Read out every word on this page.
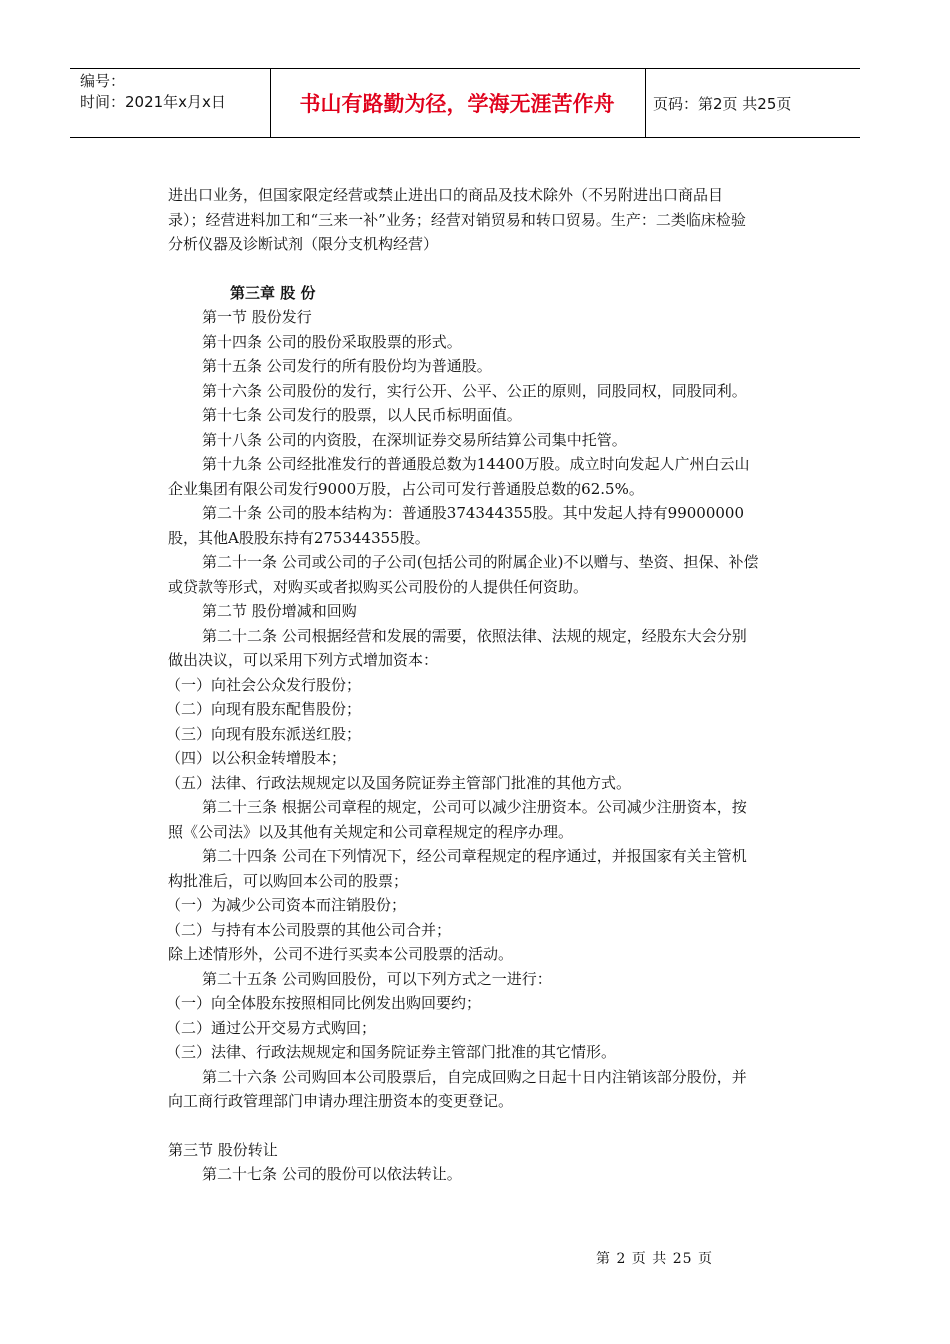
编号：
时间：2021年x月x日	书山有路勤为径，学海无涯苦作舟	页码：第2页 共25页

进出口业务，但国家限定经营或禁止进出口的商品及技术除外（不另附进出口商品目录）；经营进料加工和“三来一补”业务；经营对销贸易和转口贸易。生产：二类临床检验分析仪器及诊断试剂（限分支机构经营）

第三章 股 份

第一节 股份发行

第十四条 公司的股份采取股票的形式。

第十五条 公司发行的所有股份均为普通股。

第十六条 公司股份的发行，实行公开、公平、公正的原则，同股同权，同股同利。

第十七条 公司发行的股票，以人民币标明面值。

第十八条 公司的内资股，在深圳证券交易所结算公司集中托管。

第十九条 公司经批准发行的普通股总数为14400万股。成立时向发起人广州白云山企业集团有限公司发行9000万股，占公司可发行普通股总数的62.5%。

第二十条 公司的股本结构为：普通股374344355股。其中发起人持有99000000股，其他A股股东持有275344355股。

第二十一条 公司或公司的子公司(包括公司的附属企业)不以赠与、垫资、担保、补偿或贷款等形式，对购买或者拟购买公司股份的人提供任何资助。

第二节 股份增减和回购

第二十二条 公司根据经营和发展的需要，依照法律、法规的规定，经股东大会分别做出决议，可以采用下列方式增加资本：

（一）向社会公众发行股份；

（二）向现有股东配售股份；

（三）向现有股东派送红股；

（四）以公积金转增股本；

（五）法律、行政法规规定以及国务院证券主管部门批准的其他方式。

第二十三条 根据公司章程的规定，公司可以减少注册资本。公司减少注册资本，按照《公司法》以及其他有关规定和公司章程规定的程序办理。

第二十四条 公司在下列情况下，经公司章程规定的程序通过，并报国家有关主管机构批准后，可以购回本公司的股票；

（一）为减少公司资本而注销股份；

（二）与持有本公司股票的其他公司合并；

除上述情形外，公司不进行买卖本公司股票的活动。

第二十五条 公司购回股份，可以下列方式之一进行：

（一）向全体股东按照相同比例发出购回要约；

（二）通过公开交易方式购回；

（三）法律、行政法规规定和国务院证券主管部门批准的其它情形。

第二十六条 公司购回本公司股票后，自完成回购之日起十日内注销该部分股份，并向工商行政管理部门申请办理注册资本的变更登记。

第三节 股份转让

第二十七条 公司的股份可以依法转让。

第 2 页 共 25 页
